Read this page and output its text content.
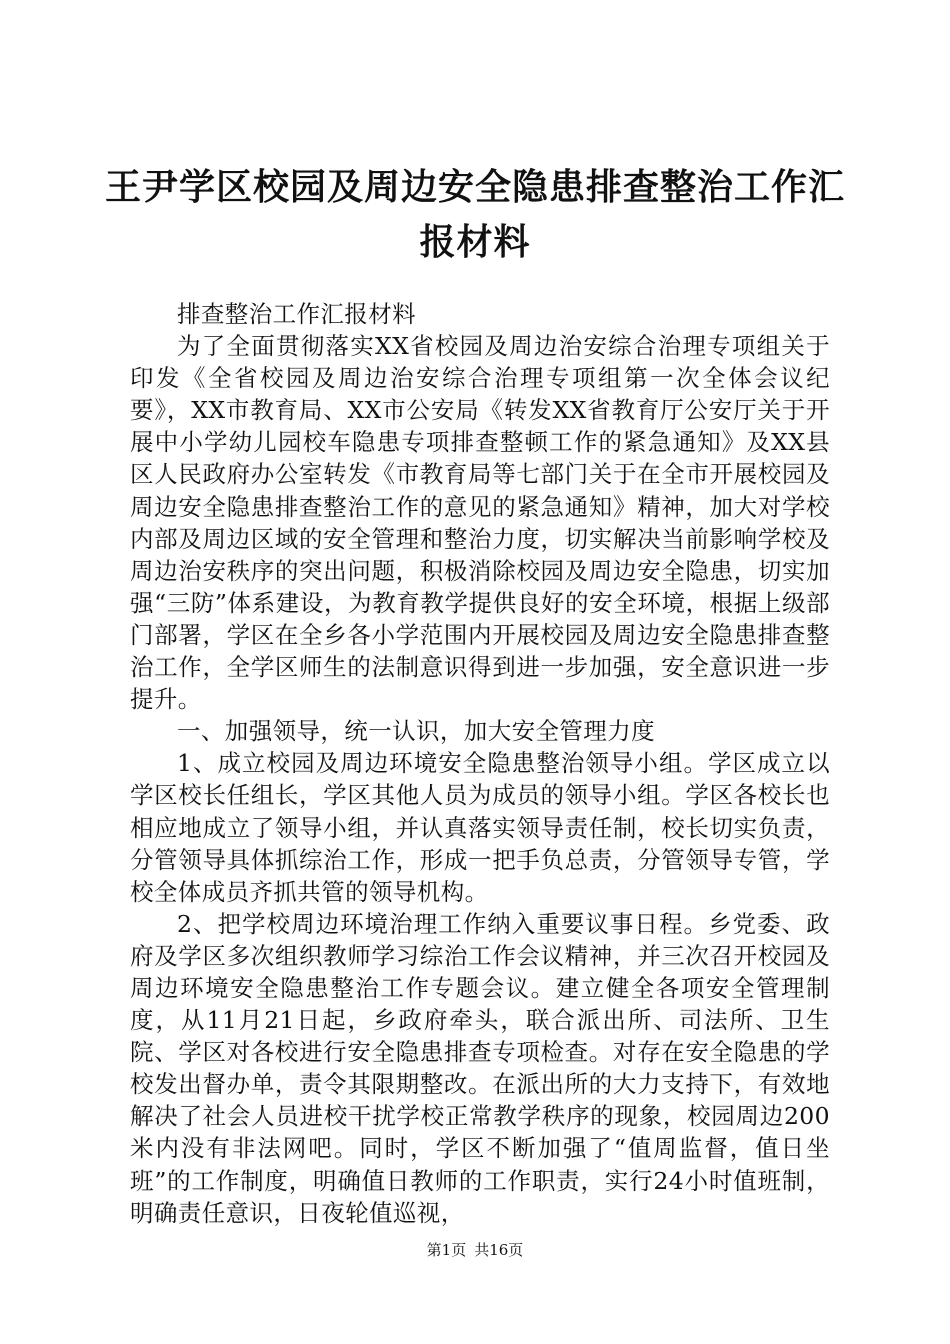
王尹学区校园及周边安全隐患排查整治工作汇
报材料

排查整治工作汇报材料

为了全面贯彻落实XX省校园及周边治安综合治理专项组关于印发《全省校园及周边治安综合治理专项组第一次全体会议纪要》，XX市教育局、XX市公安局《转发XX省教育厅公安厅关于开展中小学幼儿园校车隐患专项排查整顿工作的紧急通知》及XX县区人民政府办公室转发《市教育局等七部门关于在全市开展校园及周边安全隐患排查整治工作的意见的紧急通知》精神，加大对学校内部及周边区域的安全管理和整治力度，切实解决当前影响学校及周边治安秩序的突出问题，积极消除校园及周边安全隐患，切实加强“三防”体系建设，为教育教学提供良好的安全环境，根据上级部门部署，学区在全乡各小学范围内开展校园及周边安全隐患排查整治工作，全学区师生的法制意识得到进一步加强，安全意识进一步提升。

一、加强领导，统一认识，加大安全管理力度

1、成立校园及周边环境安全隐患整治领导小组。学区成立以学区校长任组长，学区其他人员为成员的领导小组。学区各校长也相应地成立了领导小组，并认真落实领导责任制，校长切实负责，分管领导具体抓综治工作，形成一把手负总责，分管领导专管，学校全体成员齐抓共管的领导机构。

2、把学校周边环境治理工作纳入重要议事日程。乡党委、政府及学区多次组织教师学习综治工作会议精神，并三次召开校园及周边环境安全隐患整治工作专题会议。建立健全各项安全管理制度，从11月21日起，乡政府牵头，联合派出所、司法所、卫生院、学区对各校进行安全隐患排查专项检查。对存在安全隐患的学校发出督办单，责令其限期整改。在派出所的大力支持下，有效地解决了社会人员进校干扰学校正常教学秩序的现象，校园周边200米内没有非法网吧。同时，学区不断加强了“值周监督，值日坐班”的工作制度，明确值日教师的工作职责，实行24小时值班制，明确责任意识，日夜轮值巡视，

第1页 共16页
